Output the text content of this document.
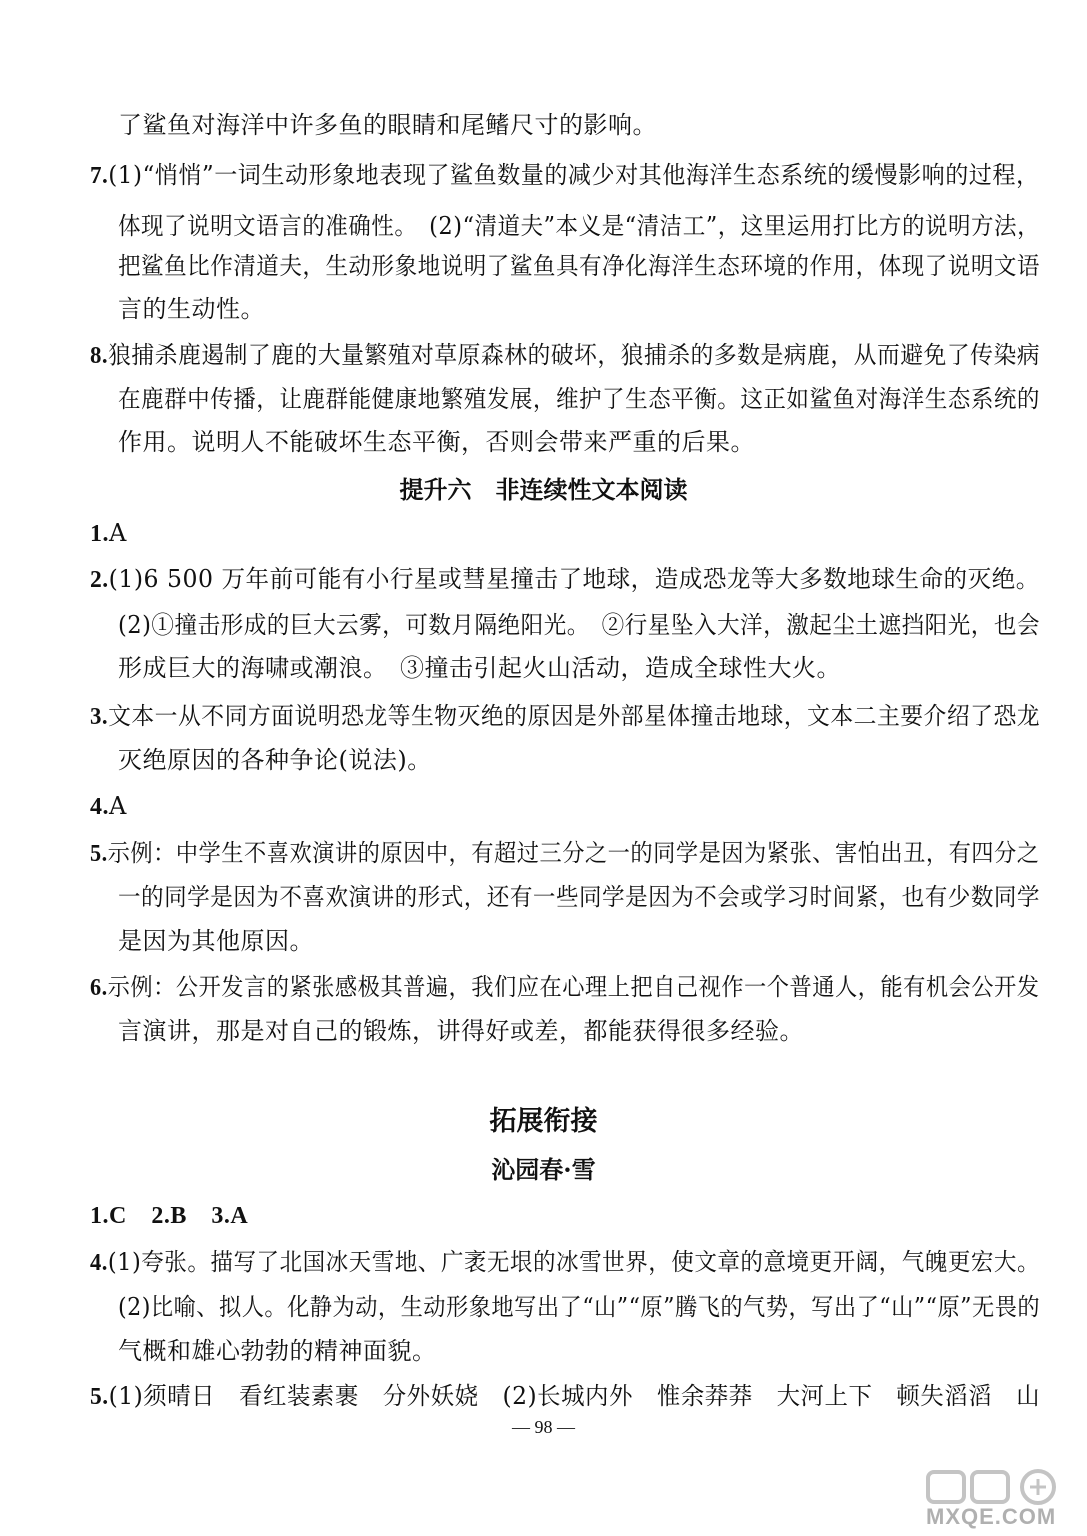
了鲨鱼对海洋中许多鱼的眼睛和尾鳍尺寸的影响。
7.(1)“悄悄”一词生动形象地表现了鲨鱼数量的减少对其他海洋生态系统的缓慢影响的过程，
体现了说明文语言的准确性。　(2)“清道夫”本义是“清洁工”，这里运用打比方的说明方法，
把鲨鱼比作清道夫，生动形象地说明了鲨鱼具有净化海洋生态环境的作用，体现了说明文语
言的生动性。
8.狼捕杀鹿遏制了鹿的大量繁殖对草原森林的破坏，狼捕杀的多数是病鹿，从而避免了传染病
在鹿群中传播，让鹿群能健康地繁殖发展，维护了生态平衡。这正如鲨鱼对海洋生态系统的
作用。说明人不能破坏生态平衡，否则会带来严重的后果。
提升六　非连续性文本阅读
1.A
2.(1)6 500 万年前可能有小行星或彗星撞击了地球，造成恐龙等大多数地球生命的灭绝。
(2)①撞击形成的巨大云雾，可数月隔绝阳光。　②行星坠入大洋，激起尘土遮挡阳光，也会
形成巨大的海啸或潮浪。　③撞击引起火山活动，造成全球性大火。
3.文本一从不同方面说明恐龙等生物灭绝的原因是外部星体撞击地球，文本二主要介绍了恐龙
灭绝原因的各种争论(说法)。
4.A
5.示例：中学生不喜欢演讲的原因中，有超过三分之一的同学是因为紧张、害怕出丑，有四分之
一的同学是因为不喜欢演讲的形式，还有一些同学是因为不会或学习时间紧，也有少数同学
是因为其他原因。
6.示例：公开发言的紧张感极其普遍，我们应在心理上把自己视作一个普通人，能有机会公开发
言演讲，那是对自己的锻炼，讲得好或差，都能获得很多经验。
拓展衔接
沁园春·雪
1.C　2.B　3.A
4.(1)夸张。描写了北国冰天雪地、广袤无垠的冰雪世界，使文章的意境更开阔，气魄更宏大。
(2)比喻、拟人。化静为动，生动形象地写出了“山”“原”腾飞的气势，写出了“山”“原”无畏的
气概和雄心勃勃的精神面貌。
5.(1)须晴日　看红装素裹　分外妖娆　(2)长城内外　惟余莽莽　大河上下　顿失滔滔　山
— 98 —
MXQE.COM
